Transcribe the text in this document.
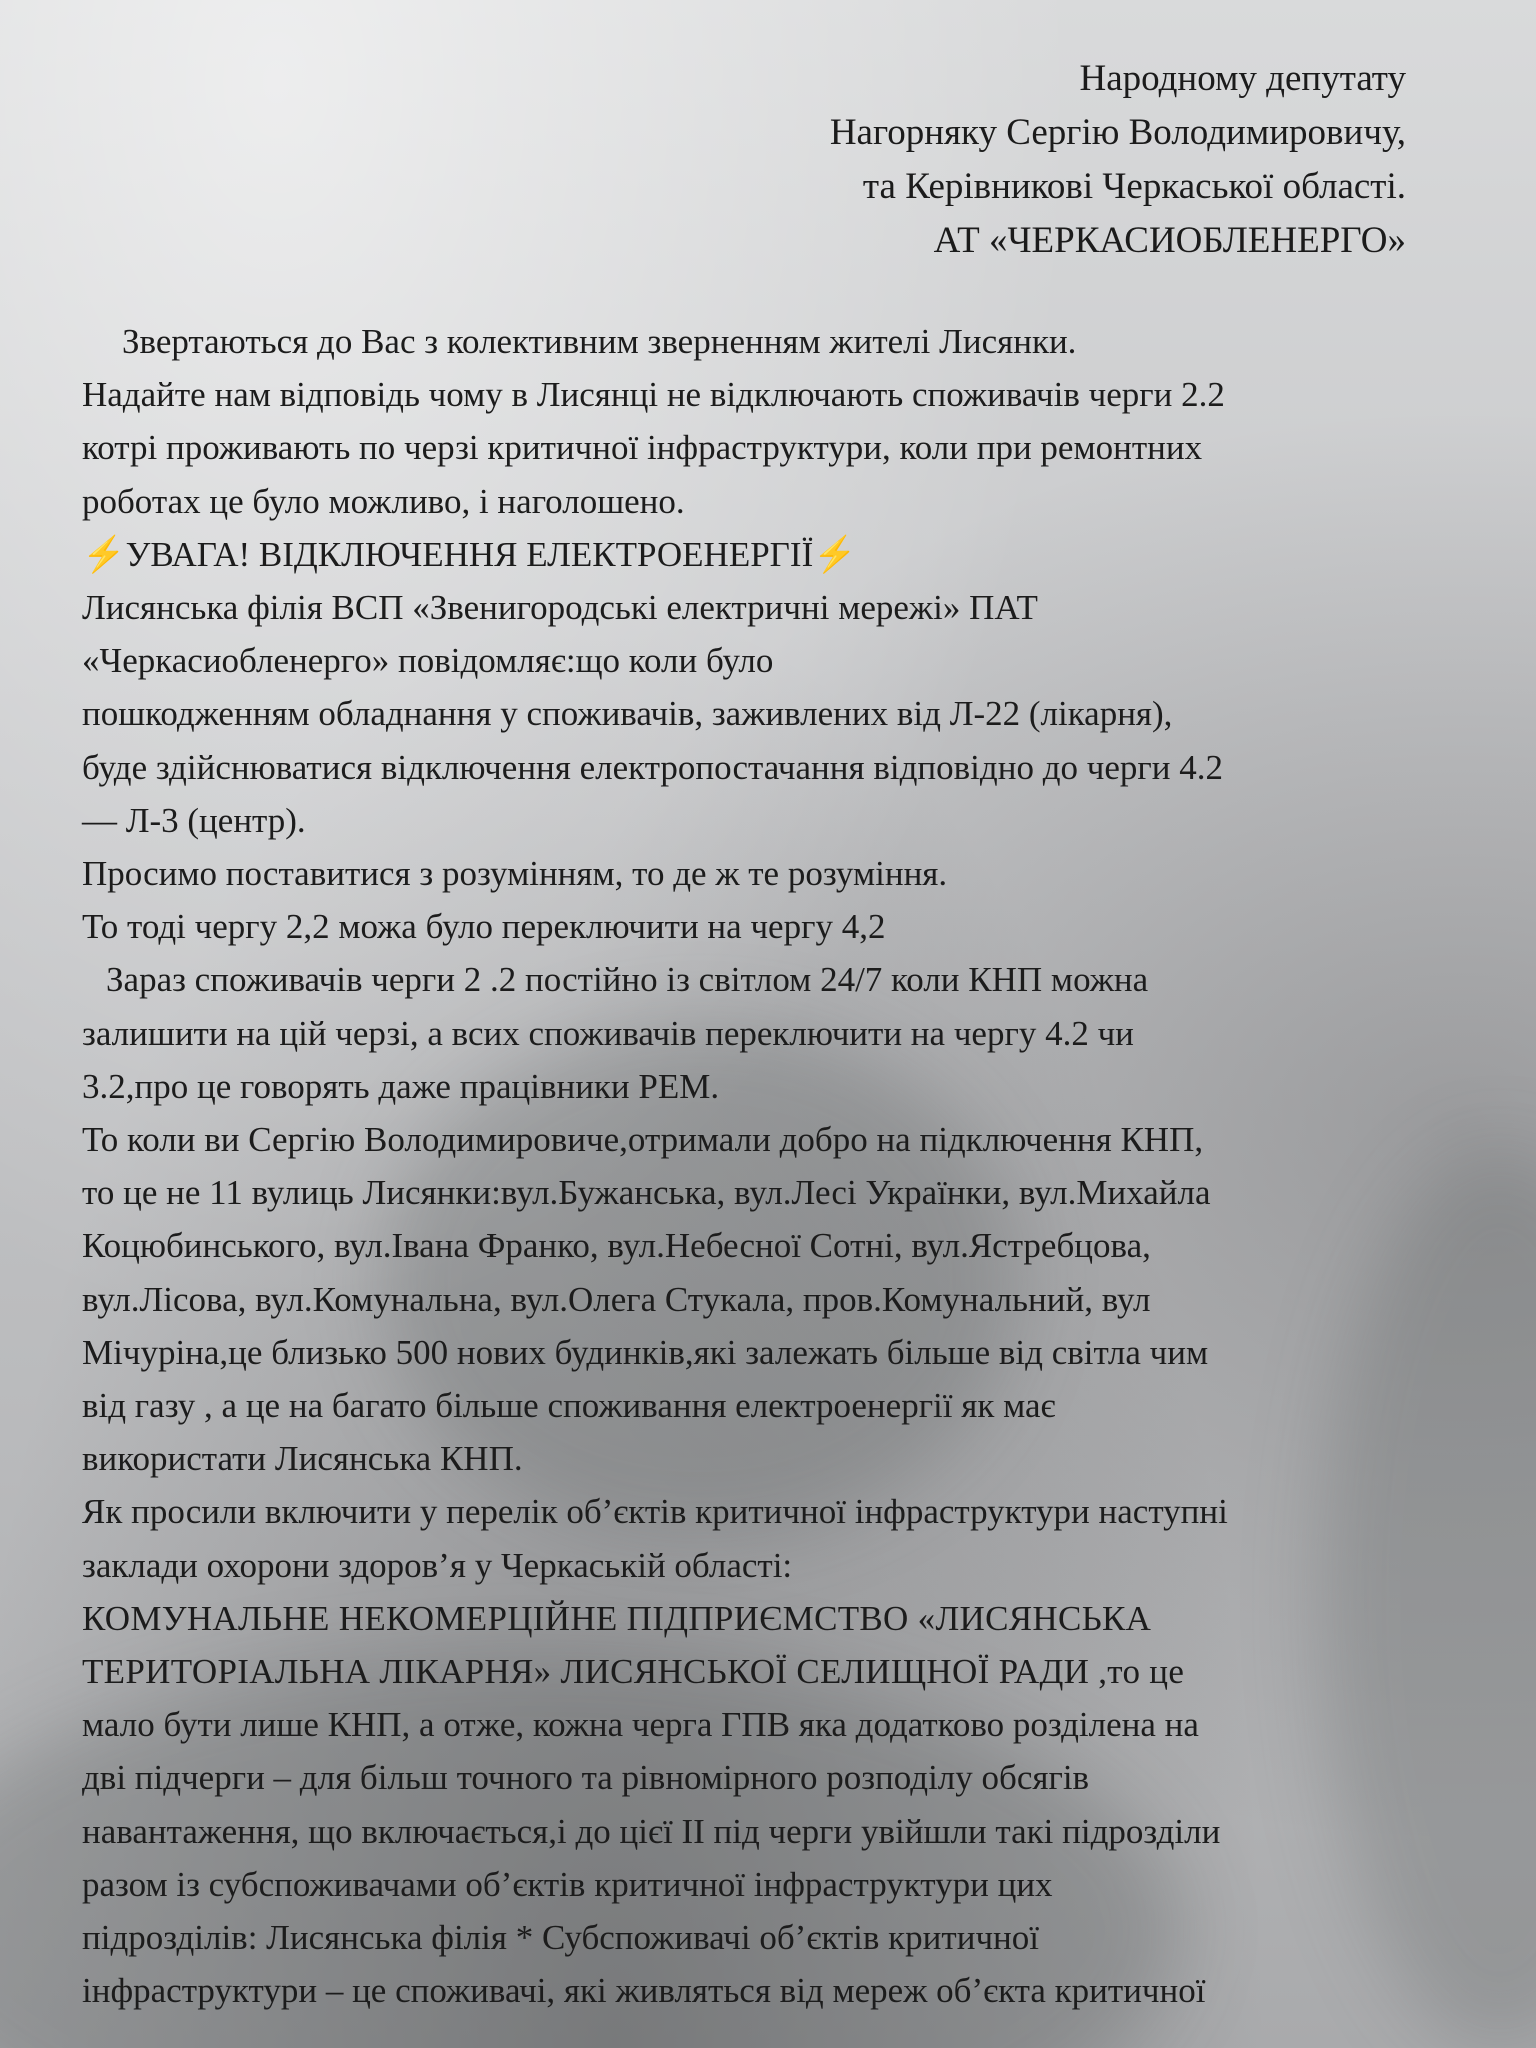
Народному депутату
Нагорняку Сергію Володимировичу,
та Керівникові Черкаської області.
АТ «ЧЕРКАСИОБЛЕНЕРГО»
Звертаються до Вас з колективним зверненням жителі Лисянки.
Надайте нам відповідь чому в Лисянці не відключають споживачів черги 2.2
котрі проживають по черзі критичної інфраструктури, коли при ремонтних
роботах це було можливо, і наголошено.
⚡УВАГА! ВІДКЛЮЧЕННЯ ЕЛЕКТРОЕНЕРГІЇ⚡
Лисянська філія ВСП «Звенигородські електричні мережі» ПАТ
«Черкасиобленерго» повідомляє:що коли було
пошкодженням обладнання у споживачів, заживлених від Л-22 (лікарня),
буде здійснюватися відключення електропостачання відповідно до черги 4.2
— Л-3 (центр).
Просимо поставитися з розумінням, то де ж те розуміння.
То тоді чергу 2,2 можа було переключити на чергу 4,2
Зараз споживачів черги 2 .2 постійно із світлом 24/7 коли КНП можна
залишити на цій черзі, а всих споживачів переключити на чергу 4.2 чи
3.2,про це говорять даже працівники РЕМ.
То коли ви Сергію Володимировиче,отримали добро на підключення КНП,
то це не 11 вулиць Лисянки:вул.Бужанська, вул.Лесі Українки, вул.Михайла
Коцюбинського, вул.Івана Франко, вул.Небесної Сотні, вул.Ястребцова,
вул.Лісова, вул.Комунальна, вул.Олега Стукала, пров.Комунальний, вул
Мічуріна,це близько 500 нових будинків,які залежать більше від світла чим
від газу , а це на багато більше споживання електроенергії як має
використати Лисянська КНП.
Як просили включити у перелік об’єктів критичної інфраструктури наступні
заклади охорони здоров’я у Черкаській області:
КОМУНАЛЬНЕ НЕКОМЕРЦІЙНЕ ПІДПРИЄМСТВО «ЛИСЯНСЬКА
ТЕРИТОРІАЛЬНА ЛІКАРНЯ» ЛИСЯНСЬКОЇ СЕЛИЩНОЇ РАДИ ,то це
мало бути лише КНП, а отже, кожна черга ГПВ яка додатково розділена на
дві підчерги – для більш точного та рівномірного розподілу обсягів
навантаження, що включається,і до цієї ІІ під черги увійшли такі підрозділи
разом із субспоживачами об’єктів критичної інфраструктури цих
підрозділів: Лисянська філія * Субспоживачі об’єктів критичної
інфраструктури – це споживачі, які живляться від мереж об’єкта критичної
